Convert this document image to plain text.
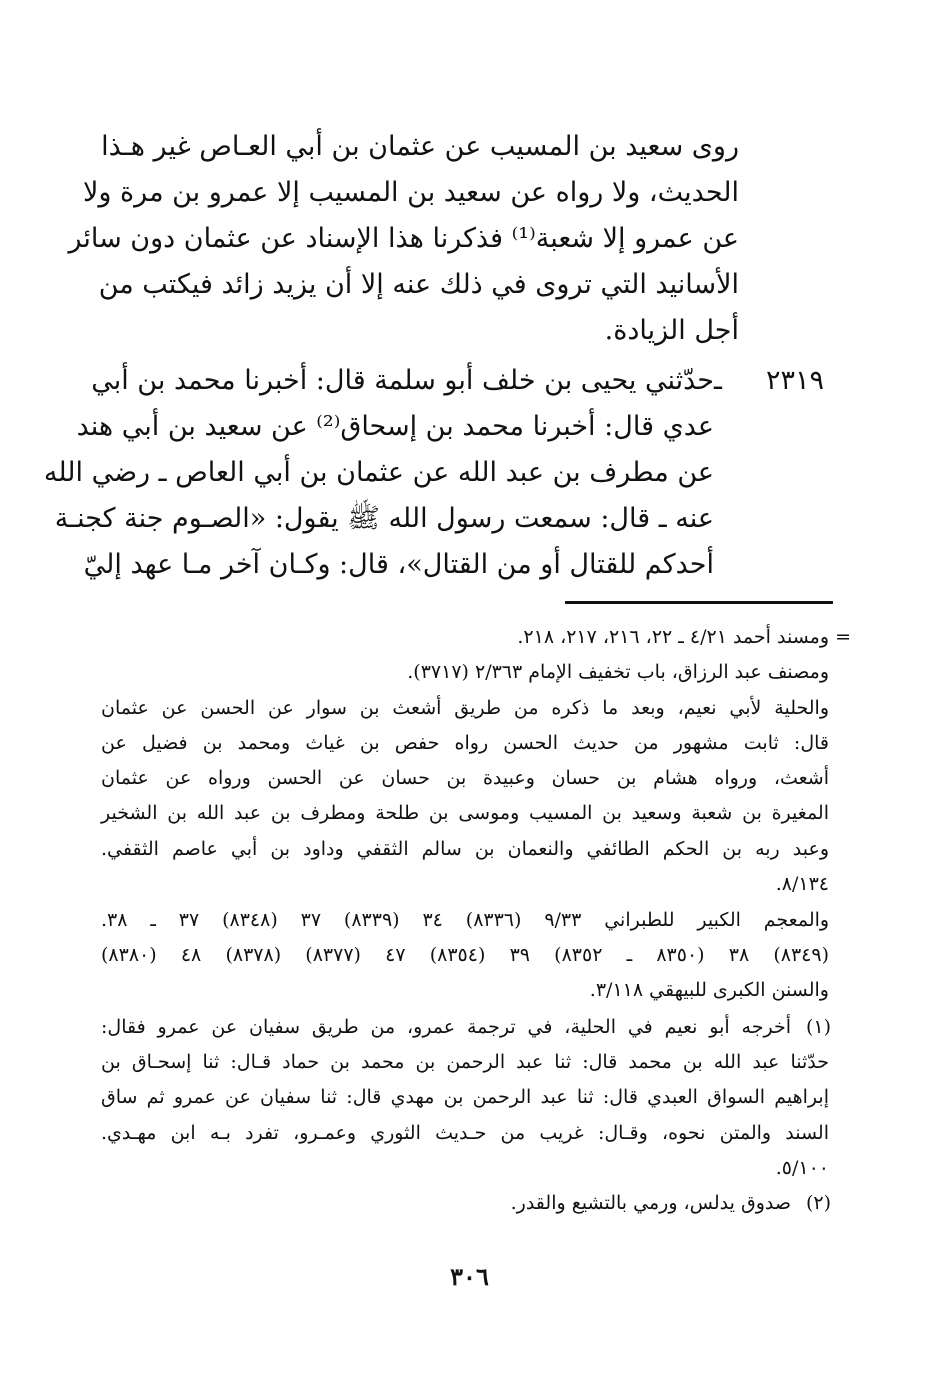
روى سعيد بن المسيب عن عثمان بن أبي العـاص غير هـذا
الحديث، ولا رواه عن سعيد بن المسيب إلا عمرو بن مرة ولا
عن عمرو إلا شعبة⁽¹⁾ فذكرنا هذا الإسناد عن عثمان دون سائر
الأسانيد التي تروى في ذلك عنه إلا أن يزيد زائد فيكتب من
أجل الزيادة.
٢٣١٩ ـ
حدّثني يحيى بن خلف أبو سلمة قال: أخبرنا محمد بن أبي
عدي قال: أخبرنا محمد بن إسحاق⁽²⁾ عن سعيد بن أبي هند
عن مطرف بن عبد الله عن عثمان بن أبي العاص ـ رضي الله
عنه ـ قال: سمعت رسول الله ﷺ يقول: «الصـوم جنة كجنـة
أحدكم للقتال أو من القتال»، قال: وكـان آخر مـا عهد إليّ
=
ومسند أحمد ٤/٢١ ـ ٢٢، ٢١٦، ٢١٧، ٢١٨.
ومصنف عبد الرزاق، باب تخفيف الإمام ٢/٣٦٣ (٣٧١٧).
والحلية لأبي نعيم، وبعد ما ذكره من طريق أشعث بن سوار عن الحسن عن عثمان
قال: ثابت مشهور من حديث الحسن رواه حفص بن غياث ومحمد بن فضيل عن
أشعث، ورواه هشام بن حسان وعبيدة بن حسان عن الحسن ورواه عن عثمان
المغيرة بن شعبة وسعيد بن المسيب وموسى بن طلحة ومطرف بن عبد الله بن الشخير
وعبد ربه بن الحكم الطائفي والنعمان بن سالم الثقفي وداود بن أبي عاصم الثقفي.
٨/١٣٤.
والمعجم الكبير للطبراني ٩/٣٣ (٨٣٣٦) ٣٤ (٨٣٣٩) ٣٧ (٨٣٤٨) ٣٧ ـ ٣٨.
(٨٣٤٩) ٣٨ (٨٣٥٠ ـ ٨٣٥٢) ٣٩ (٨٣٥٤) ٤٧ (٨٣٧٧) (٨٣٧٨) ٤٨ (٨٣٨٠)
والسنن الكبرى للبيهقي ٣/١١٨.
(١)
أخرجه أبو نعيم في الحلية، في ترجمة عمرو، من طريق سفيان عن عمرو فقال:
حدّثنا عبد الله بن محمد قال: ثنا عبد الرحمن بن محمد بن حماد قـال: ثنا إسحـاق بن
إبراهيم السواق العبدي قال: ثنا عبد الرحمن بن مهدي قال: ثنا سفيان عن عمرو ثم ساق
السند والمتن نحوه، وقـال: غريب من حـديث الثوري وعمـرو، تفرد بـه ابن مهـدي.
٥/١٠٠.
(٢)
صدوق يدلس، ورمي بالتشيع والقدر.
٣٠٦
